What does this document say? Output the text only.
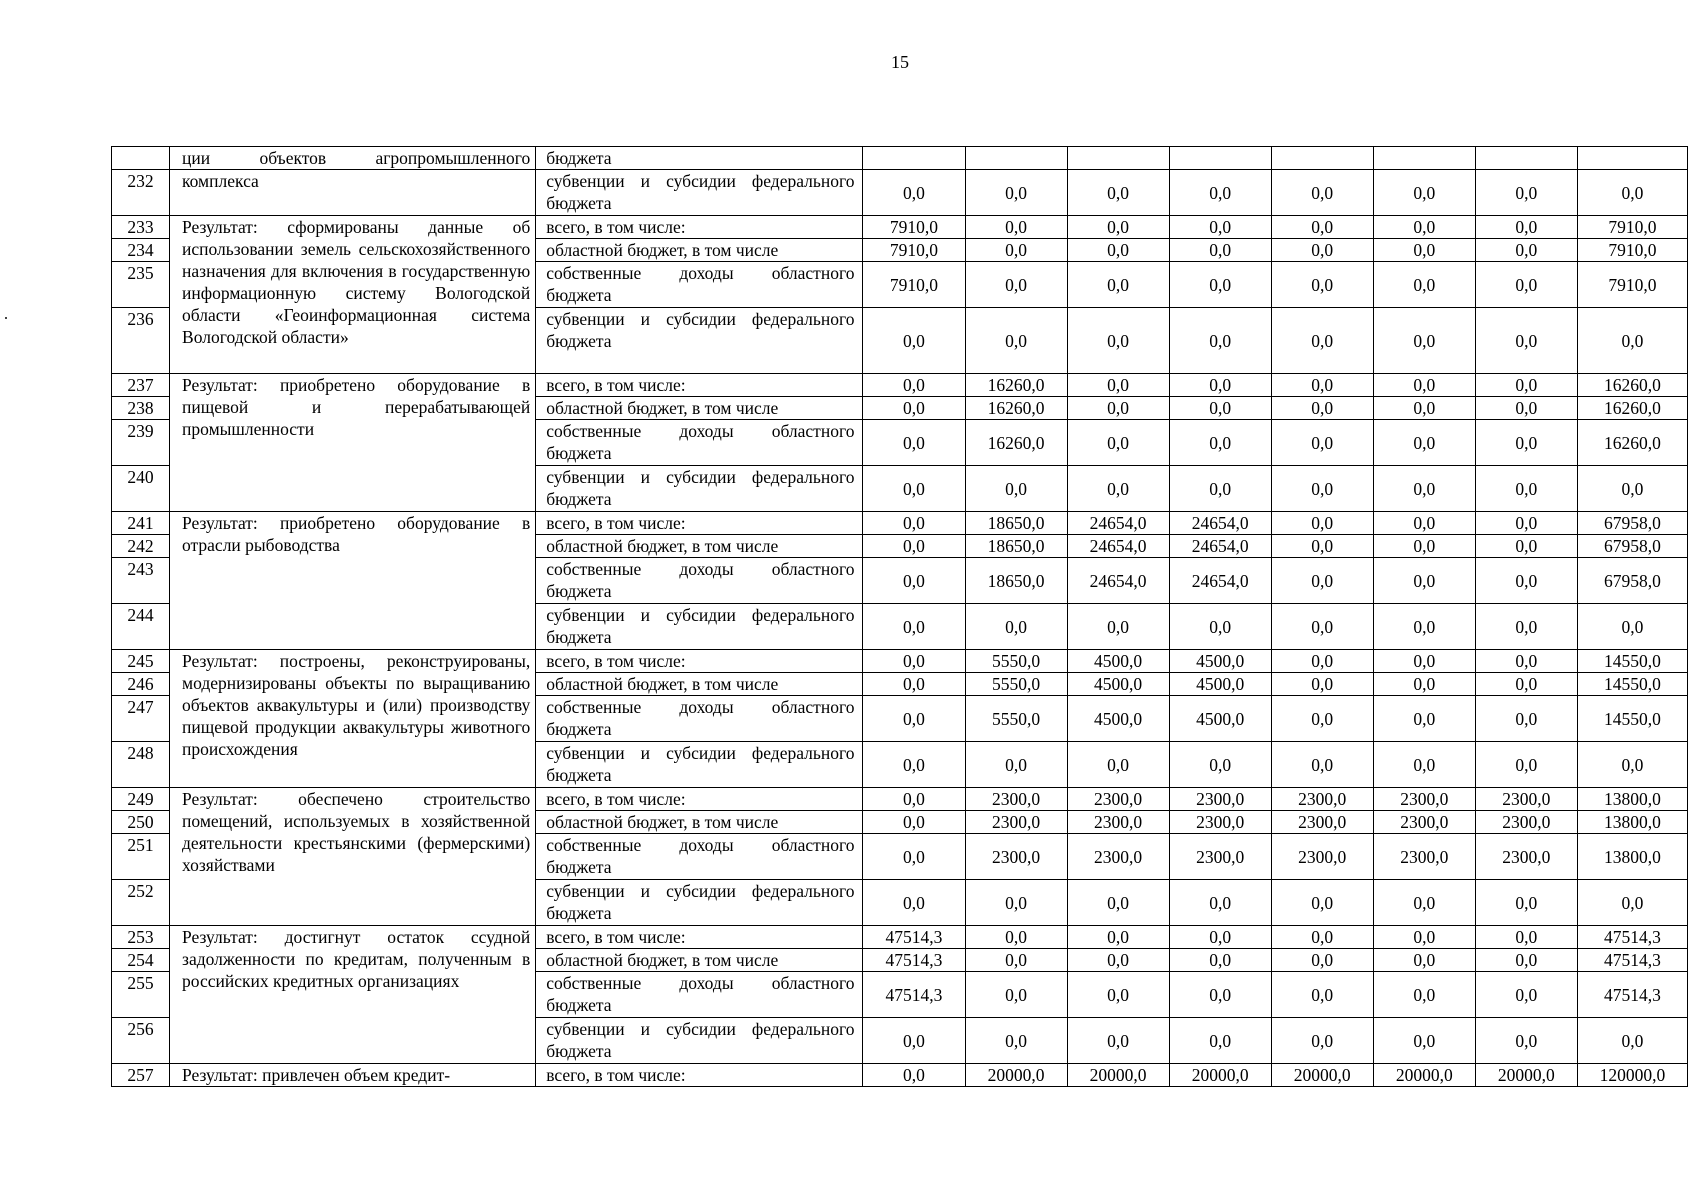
15
	ции объектов агропромышленного	бюджета								
232	комплекса	субвенции и субсидии федерального бюджета	0,0	0,0	0,0	0,0	0,0	0,0	0,0	0,0
233	Результат: сформированы данные об использовании земель сельскохозяйственного назначения для включения в государственную информационную систему Вологодской области «Геоинформационная система Вологодской области»	всего, в том числе:	7910,0	0,0	0,0	0,0	0,0	0,0	0,0	7910,0
234		областной бюджет, в том числе	7910,0	0,0	0,0	0,0	0,0	0,0	0,0	7910,0
235		собственные доходы областного бюджета	7910,0	0,0	0,0	0,0	0,0	0,0	0,0	7910,0
236		субвенции и субсидии федерального бюджета	0,0	0,0	0,0	0,0	0,0	0,0	0,0	0,0
237	Результат: приобретено оборудование в пищевой и перерабатывающей промышленности	всего, в том числе:	0,0	16260,0	0,0	0,0	0,0	0,0	0,0	16260,0
238		областной бюджет, в том числе	0,0	16260,0	0,0	0,0	0,0	0,0	0,0	16260,0
239		собственные доходы областного бюджета	0,0	16260,0	0,0	0,0	0,0	0,0	0,0	16260,0
240		субвенции и субсидии федерального бюджета	0,0	0,0	0,0	0,0	0,0	0,0	0,0	0,0
241	Результат: приобретено оборудование в отрасли рыбоводства	всего, в том числе:	0,0	18650,0	24654,0	24654,0	0,0	0,0	0,0	67958,0
242		областной бюджет, в том числе	0,0	18650,0	24654,0	24654,0	0,0	0,0	0,0	67958,0
243		собственные доходы областного бюджета	0,0	18650,0	24654,0	24654,0	0,0	0,0	0,0	67958,0
244		субвенции и субсидии федерального бюджета	0,0	0,0	0,0	0,0	0,0	0,0	0,0	0,0
245	Результат: построены, реконструированы, модернизированы объекты по выращиванию объектов аквакультуры и (или) производству пищевой продукции аквакультуры животного происхождения	всего, в том числе:	0,0	5550,0	4500,0	4500,0	0,0	0,0	0,0	14550,0
246		областной бюджет, в том числе	0,0	5550,0	4500,0	4500,0	0,0	0,0	0,0	14550,0
247		собственные доходы областного бюджета	0,0	5550,0	4500,0	4500,0	0,0	0,0	0,0	14550,0
248		субвенции и субсидии федерального бюджета	0,0	0,0	0,0	0,0	0,0	0,0	0,0	0,0
249	Результат: обеспечено строительство помещений, используемых в хозяйственной деятельности крестьянскими (фермерскими) хозяйствами	всего, в том числе:	0,0	2300,0	2300,0	2300,0	2300,0	2300,0	2300,0	13800,0
250		областной бюджет, в том числе	0,0	2300,0	2300,0	2300,0	2300,0	2300,0	2300,0	13800,0
251		собственные доходы областного бюджета	0,0	2300,0	2300,0	2300,0	2300,0	2300,0	2300,0	13800,0
252		субвенции и субсидии федерального бюджета	0,0	0,0	0,0	0,0	0,0	0,0	0,0	0,0
253	Результат: достигнут остаток ссудной задолженности по кредитам, полученным в российских кредитных организациях	всего, в том числе:	47514,3	0,0	0,0	0,0	0,0	0,0	0,0	47514,3
254		областной бюджет, в том числе	47514,3	0,0	0,0	0,0	0,0	0,0	0,0	47514,3
255		собственные доходы областного бюджета	47514,3	0,0	0,0	0,0	0,0	0,0	0,0	47514,3
256		субвенции и субсидии федерального бюджета	0,0	0,0	0,0	0,0	0,0	0,0	0,0	0,0
257	Результат: привлечен объем кредит-	всего, в том числе:	0,0	20000,0	20000,0	20000,0	20000,0	20000,0	20000,0	120000,0
